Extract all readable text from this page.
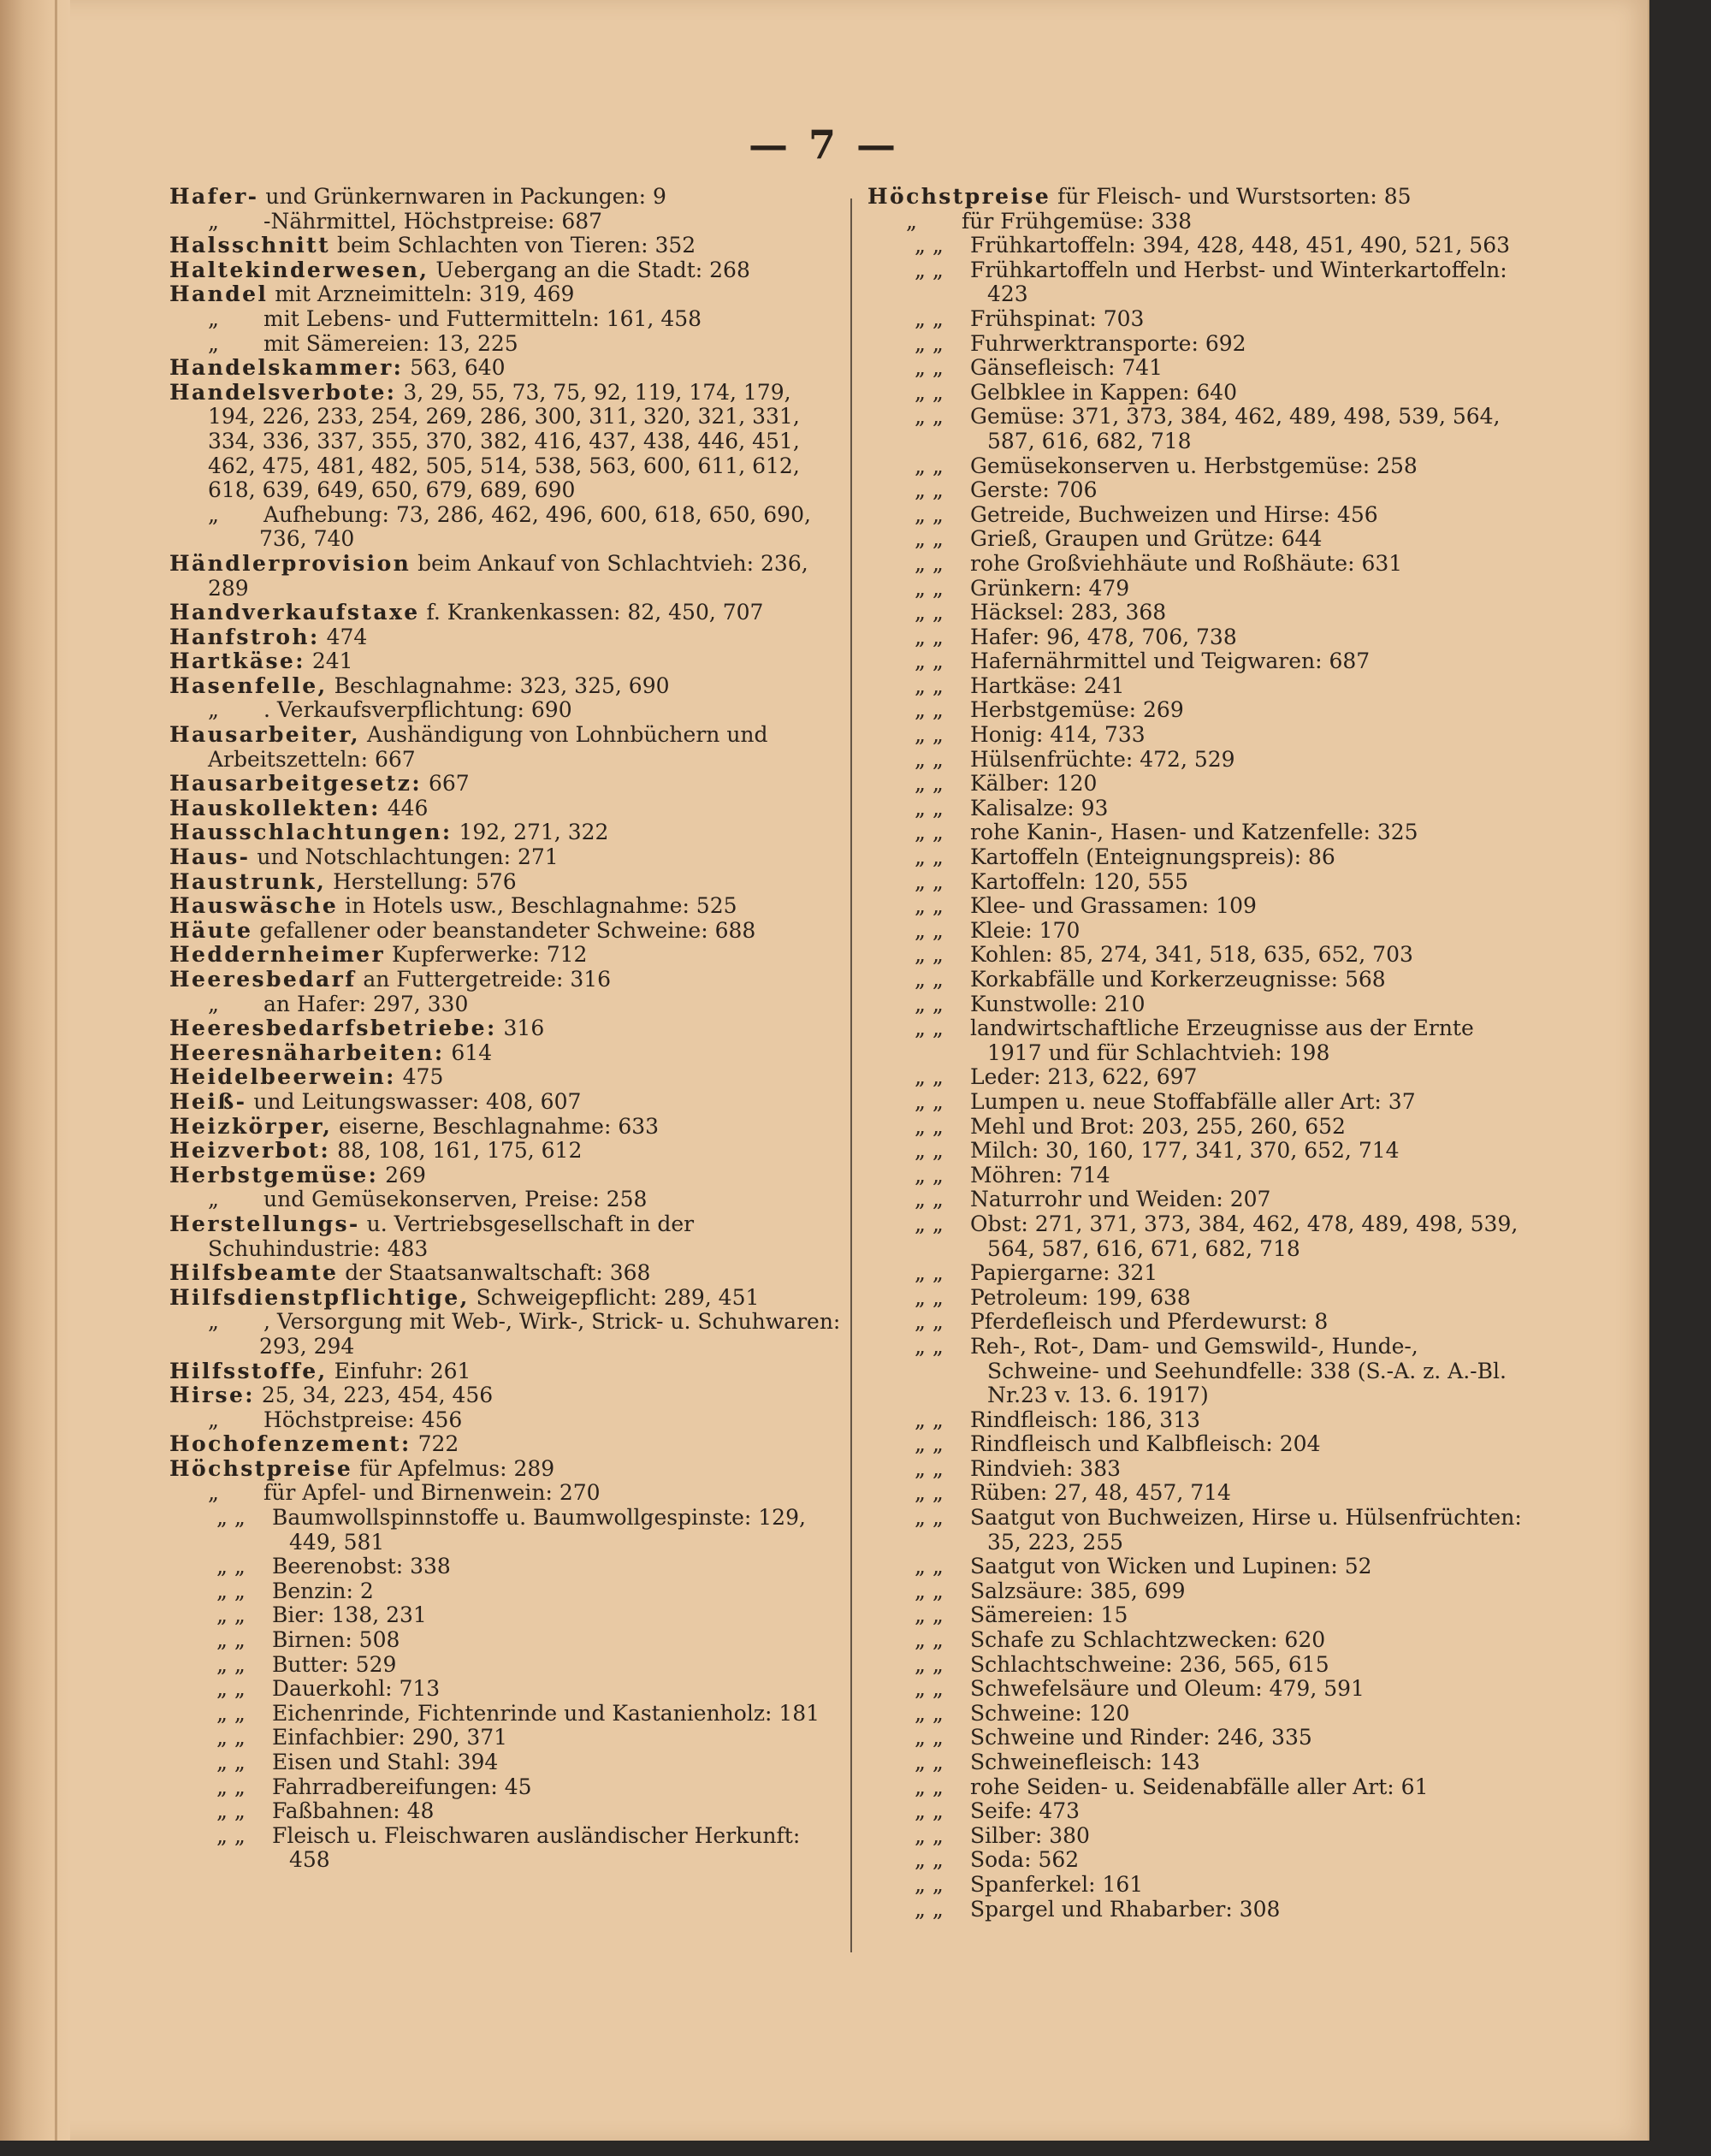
— 7 —
Hafer- und Grünkernwaren in Packungen: 9
„ -Nährmittel, Höchstpreise: 687
Halsschnitt beim Schlachten von Tieren: 352
Haltekinderwesen, Uebergang an die Stadt: 268
Handel mit Arzneimitteln: 319, 469
„ mit Lebens- und Futtermitteln: 161, 458
„ mit Sämereien: 13, 225
Handelskammer: 563, 640
Handelsverbote: 3, 29, 55, 73, 75, 92, 119, 174, 179, 194, 226, 233, 254, 269, 286, 300, 311, 320, 321, 331, 334, 336, 337, 355, 370, 382, 416, 437, 438, 446, 451, 462, 475, 481, 482, 505, 514, 538, 563, 600, 611, 612, 618, 639, 649, 650, 679, 689, 690
„ Aufhebung: 73, 286, 462, 496, 600, 618, 650, 690, 736, 740
Händlerprovision beim Ankauf von Schlachtvieh: 236, 289
Handverkaufstaxe f. Krankenkassen: 82, 450, 707
Hanfstroh: 474
Hartkäse: 241
Hasenfelle, Beschlagnahme: 323, 325, 690
„ . Verkaufsverpflichtung: 690
Hausarbeiter, Aushändigung von Lohnbüchern und Arbeitszetteln: 667
Hausarbeitgesetz: 667
Hauskollekten: 446
Hausschlachtungen: 192, 271, 322
Haus- und Notschlachtungen: 271
Haustrunk, Herstellung: 576
Hauswäsche in Hotels usw., Beschlagnahme: 525
Häute gefallener oder beanstandeter Schweine: 688
Heddernheimer Kupferwerke: 712
Heeresbedarf an Futtergetreide: 316
„ an Hafer: 297, 330
Heeresbedarfsbetriebe: 316
Heeresnäharbeiten: 614
Heidelbeerwein: 475
Heiß- und Leitungswasser: 408, 607
Heizkörper, eiserne, Beschlagnahme: 633
Heizverbot: 88, 108, 161, 175, 612
Herbstgemüse: 269
„ und Gemüsekonserven, Preise: 258
Herstellungs- u. Vertriebsgesellschaft in der Schuhindustrie: 483
Hilfsbeamte der Staatsanwaltschaft: 368
Hilfsdienstpflichtige, Schweigepflicht: 289, 451
„ , Versorgung mit Web-, Wirk-, Strick- u. Schuhwaren: 293, 294
Hilfsstoffe, Einfuhr: 261
Hirse: 25, 34, 223, 454, 456
„ Höchstpreise: 456
Hochofenzement: 722
Höchstpreise für Apfelmus: 289
„ für Apfel- und Birnenwein: 270
„ „ Baumwollspinnstoffe u. Baumwollgespinste: 129, 449, 581
„ „ Beerenobst: 338
„ „ Benzin: 2
„ „ Bier: 138, 231
„ „ Birnen: 508
„ „ Butter: 529
„ „ Dauerkohl: 713
„ „ Eichenrinde, Fichtenrinde und Kastanienholz: 181
„ „ Einfachbier: 290, 371
„ „ Eisen und Stahl: 394
„ „ Fahrradbereifungen: 45
„ „ Faßbahnen: 48
„ „ Fleisch u. Fleischwaren ausländischer Herkunft: 458
Höchstpreise für Fleisch- und Wurstsorten: 85
„ für Frühgemüse: 338
„ „ Frühkartoffeln: 394, 428, 448, 451, 490, 521, 563
„ „ Frühkartoffeln und Herbst- und Winterkartoffeln: 423
„ „ Frühspinat: 703
„ „ Fuhrwerktransporte: 692
„ „ Gänsefleisch: 741
„ „ Gelbklee in Kappen: 640
„ „ Gemüse: 371, 373, 384, 462, 489, 498, 539, 564, 587, 616, 682, 718
„ „ Gemüsekonserven u. Herbstgemüse: 258
„ „ Gerste: 706
„ „ Getreide, Buchweizen und Hirse: 456
„ „ Grieß, Graupen und Grütze: 644
„ „ rohe Großviehhäute und Roßhäute: 631
„ „ Grünkern: 479
„ „ Häcksel: 283, 368
„ „ Hafer: 96, 478, 706, 738
„ „ Hafernährmittel und Teigwaren: 687
„ „ Hartkäse: 241
„ „ Herbstgemüse: 269
„ „ Honig: 414, 733
„ „ Hülsenfrüchte: 472, 529
„ „ Kälber: 120
„ „ Kalisalze: 93
„ „ rohe Kanin-, Hasen- und Katzenfelle: 325
„ „ Kartoffeln (Enteignungspreis): 86
„ „ Kartoffeln: 120, 555
„ „ Klee- und Grassamen: 109
„ „ Kleie: 170
„ „ Kohlen: 85, 274, 341, 518, 635, 652, 703
„ „ Korkabfälle und Korkerzeugnisse: 568
„ „ Kunstwolle: 210
„ „ landwirtschaftliche Erzeugnisse aus der Ernte 1917 und für Schlachtvieh: 198
„ „ Leder: 213, 622, 697
„ „ Lumpen u. neue Stoffabfälle aller Art: 37
„ „ Mehl und Brot: 203, 255, 260, 652
„ „ Milch: 30, 160, 177, 341, 370, 652, 714
„ „ Möhren: 714
„ „ Naturrohr und Weiden: 207
„ „ Obst: 271, 371, 373, 384, 462, 478, 489, 498, 539, 564, 587, 616, 671, 682, 718
„ „ Papiergarne: 321
„ „ Petroleum: 199, 638
„ „ Pferdefleisch und Pferdewurst: 8
„ „ Reh-, Rot-, Dam- und Gemswild-, Hunde-, Schweine- und Seehundfelle: 338 (S.-A. z. A.-Bl. Nr.23 v. 13. 6. 1917)
„ „ Rindfleisch: 186, 313
„ „ Rindfleisch und Kalbfleisch: 204
„ „ Rindvieh: 383
„ „ Rüben: 27, 48, 457, 714
„ „ Saatgut von Buchweizen, Hirse u. Hülsenfrüchten: 35, 223, 255
„ „ Saatgut von Wicken und Lupinen: 52
„ „ Salzsäure: 385, 699
„ „ Sämereien: 15
„ „ Schafe zu Schlachtzwecken: 620
„ „ Schlachtschweine: 236, 565, 615
„ „ Schwefelsäure und Oleum: 479, 591
„ „ Schweine: 120
„ „ Schweine und Rinder: 246, 335
„ „ Schweinefleisch: 143
„ „ rohe Seiden- u. Seidenabfälle aller Art: 61
„ „ Seife: 473
„ „ Silber: 380
„ „ Soda: 562
„ „ Spanferkel: 161
„ „ Spargel und Rhabarber: 308
